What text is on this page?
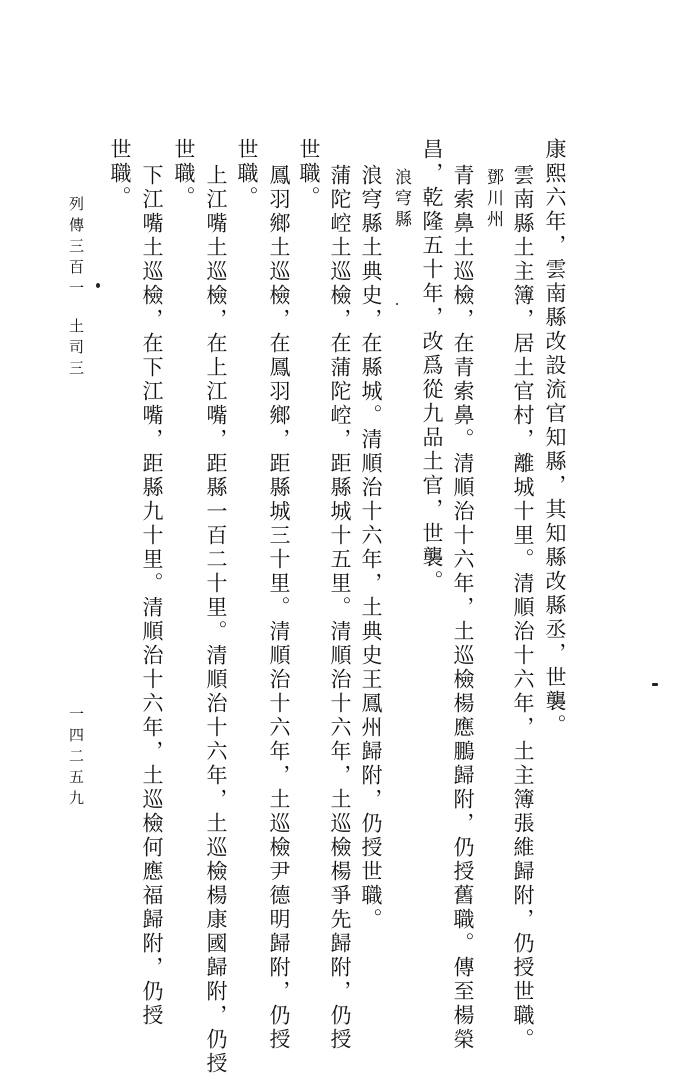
康熙六年，雲南縣改設流官知縣，其知縣改縣丞，世襲。
雲南縣土主簿，居土官村，離城十里。清順治十六年，土主簿張維歸附，仍授世職。
鄧川州
青索鼻土巡檢，在青索鼻。清順治十六年，土巡檢楊應鵬歸附，仍授舊職。傳至楊榮
昌，乾隆五十年，改爲從九品土官，世襲。
浪穹縣
浪穹縣土典史，在縣城。清順治十六年，土典史王鳳州歸附，仍授世職。
蒲陀崆土巡檢，在蒲陀崆，距縣城十五里。清順治十六年，土巡檢楊爭先歸附，仍授
世職。
鳳羽鄉土巡檢，在鳳羽鄉，距縣城三十里。清順治十六年，土巡檢尹德明歸附，仍授
世職。
上江嘴土巡檢，在上江嘴，距縣一百二十里。清順治十六年，土巡檢楊康國歸附，仍授
世職。
下江嘴土巡檢，在下江嘴，距縣九十里。清順治十六年，土巡檢何應福歸附，仍授
世職。
列傳三百一
土司三
一四二五九
